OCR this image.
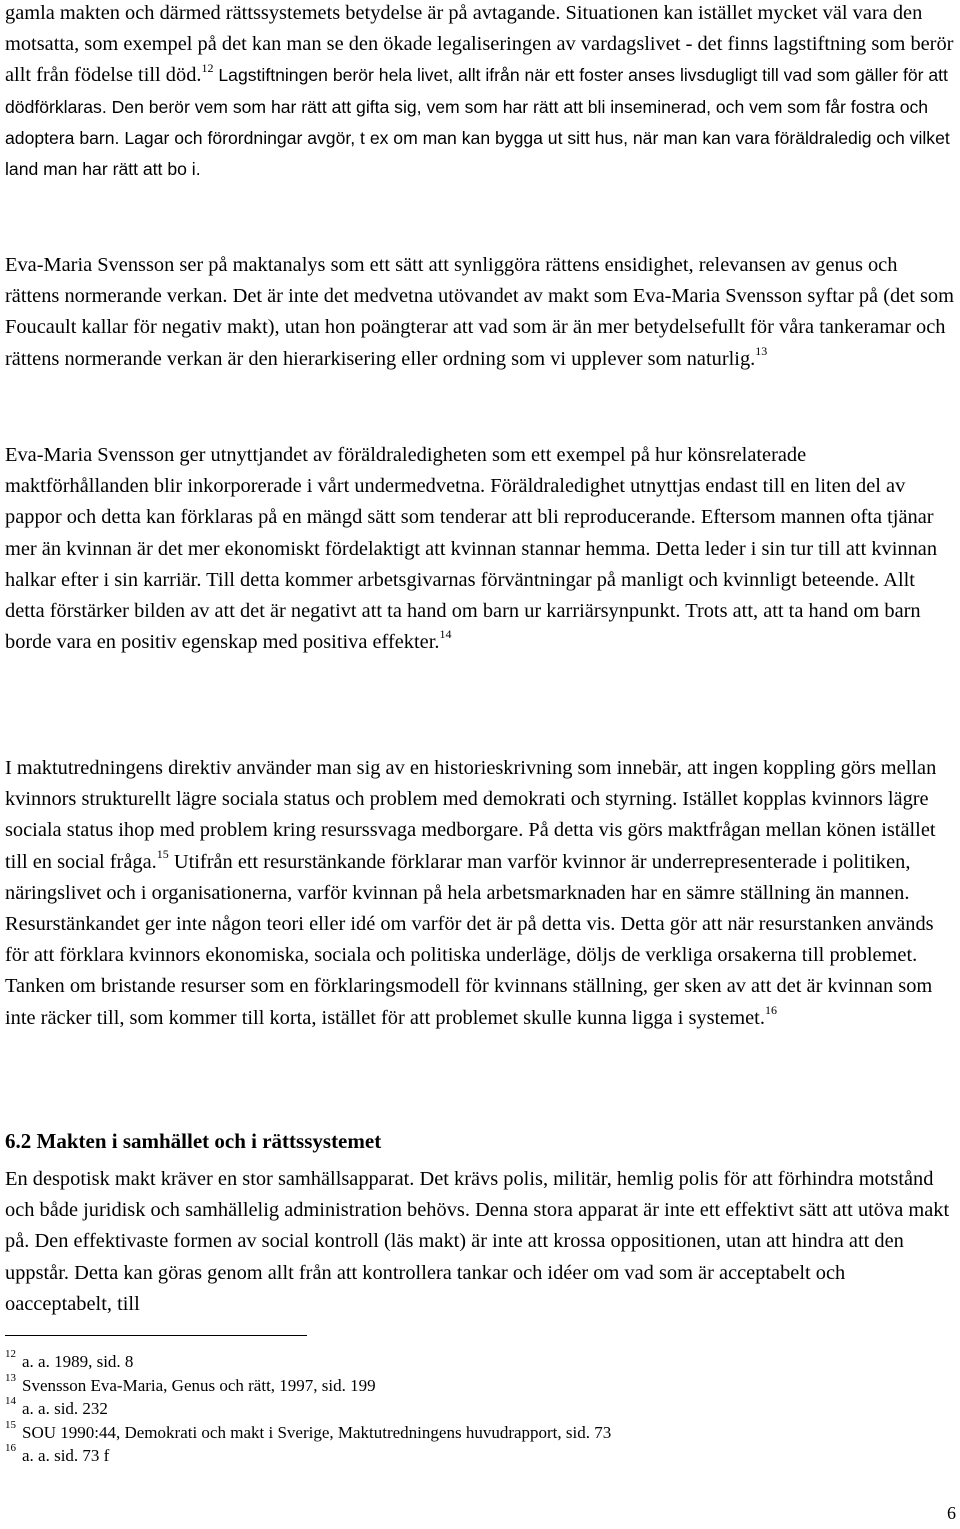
gamla makten och därmed rättssystemets betydelse är på avtagande. Situationen kan istället mycket väl vara den motsatta, som exempel på det kan man se den ökade legaliseringen av vardagslivet - det finns lagstiftning som berör allt från födelse till död.$^{12}$ Lagstiftningen berör hela livet, allt ifrån när ett foster anses livsdugligt till vad som gäller för att dödförklaras. Den berör vem som har rätt att gifta sig, vem som har rätt att bli inseminerad, och vem som får fostra och adoptera barn. Lagar och förordningar avgör, t ex om man kan bygga ut sitt hus, när man kan vara föräldraledig och vilket land man har rätt att bo i.

Eva-Maria Svensson ser på maktanalys som ett sätt att synliggöra rättens ensidighet, relevansen av genus och rättens normerande verkan. Det är inte det medvetna utövandet av makt som Eva-Maria Svensson syftar på (det som Foucault kallar för negativ makt), utan hon poängterar att vad som är än mer betydelsefullt för våra tankeramar och rättens normerande verkan är den hierarkisering eller ordning som vi upplever som naturlig.$^{13}$

Eva-Maria Svensson ger utnyttjandet av föräldraledigheten som ett exempel på hur könsrelaterade maktförhållanden blir inkorporerade i vårt undermedvetna. Föräldraledighet utnyttjas endast till en liten del av pappor och detta kan förklaras på en mängd sätt som tenderar att bli reproducerande. Eftersom mannen ofta tjänar mer än kvinnan är det mer ekonomiskt fördelaktigt att kvinnan stannar hemma. Detta leder i sin tur till att kvinnan halkar efter i sin karriär. Till detta kommer arbetsgivarnas förväntningar på manligt och kvinnligt beteende. Allt detta förstärker bilden av att det är negativt att ta hand om barn ur karriärsynpunkt. Trots att, att ta hand om barn borde vara en positiv egenskap med positiva effekter.$^{14}$

I maktutredningens direktiv använder man sig av en historieskrivning som innebär, att ingen koppling görs mellan kvinnors strukturellt lägre sociala status och problem med demokrati och styrning. Istället kopplas kvinnors lägre sociala status ihop med problem kring resurssvaga medborgare. På detta vis görs maktfrågan mellan könen istället till en social fråga.$^{15}$ Utifrån ett resurstänkande förklarar man varför kvinnor är underrepresenterade i politiken, näringslivet och i organisationerna, varför kvinnan på hela arbetsmarknaden har en sämre ställning än mannen. Resurstänkandet ger inte någon teori eller idé om varför det är på detta vis. Detta gör att när resurstanken används för att förklara kvinnors ekonomiska, sociala och politiska underläge, döljs de verkliga orsakerna till problemet. Tanken om bristande resurser som en förklaringsmodell för kvinnans ställning, ger sken av att det är kvinnan som inte räcker till, som kommer till korta, istället för att problemet skulle kunna ligga i systemet.$^{16}$

6.2 Makten i samhället och i rättssystemet

En despotisk makt kräver en stor samhällsapparat. Det krävs polis, militär, hemlig polis för att förhindra motstånd och både juridisk och samhällelig administration behövs. Denna stora apparat är inte ett effektivt sätt att utöva makt på. Den effektivaste formen av social kontroll (läs makt) är inte att krossa oppositionen, utan att hindra att den uppstår. Detta kan göras genom allt från att kontrollera tankar och idéer om vad som är acceptabelt och oacceptabelt, till

$^{12}$ a. a. 1989, sid. 8

$^{13}$ Svensson Eva-Maria, Genus och rätt, 1997, sid. 199

$^{14}$ a. a. sid. 232

$^{15}$ SOU 1990:44, Demokrati och makt i Sverige, Maktutredningens huvudrapport, sid. 73

$^{16}$ a. a. sid. 73 f

6
